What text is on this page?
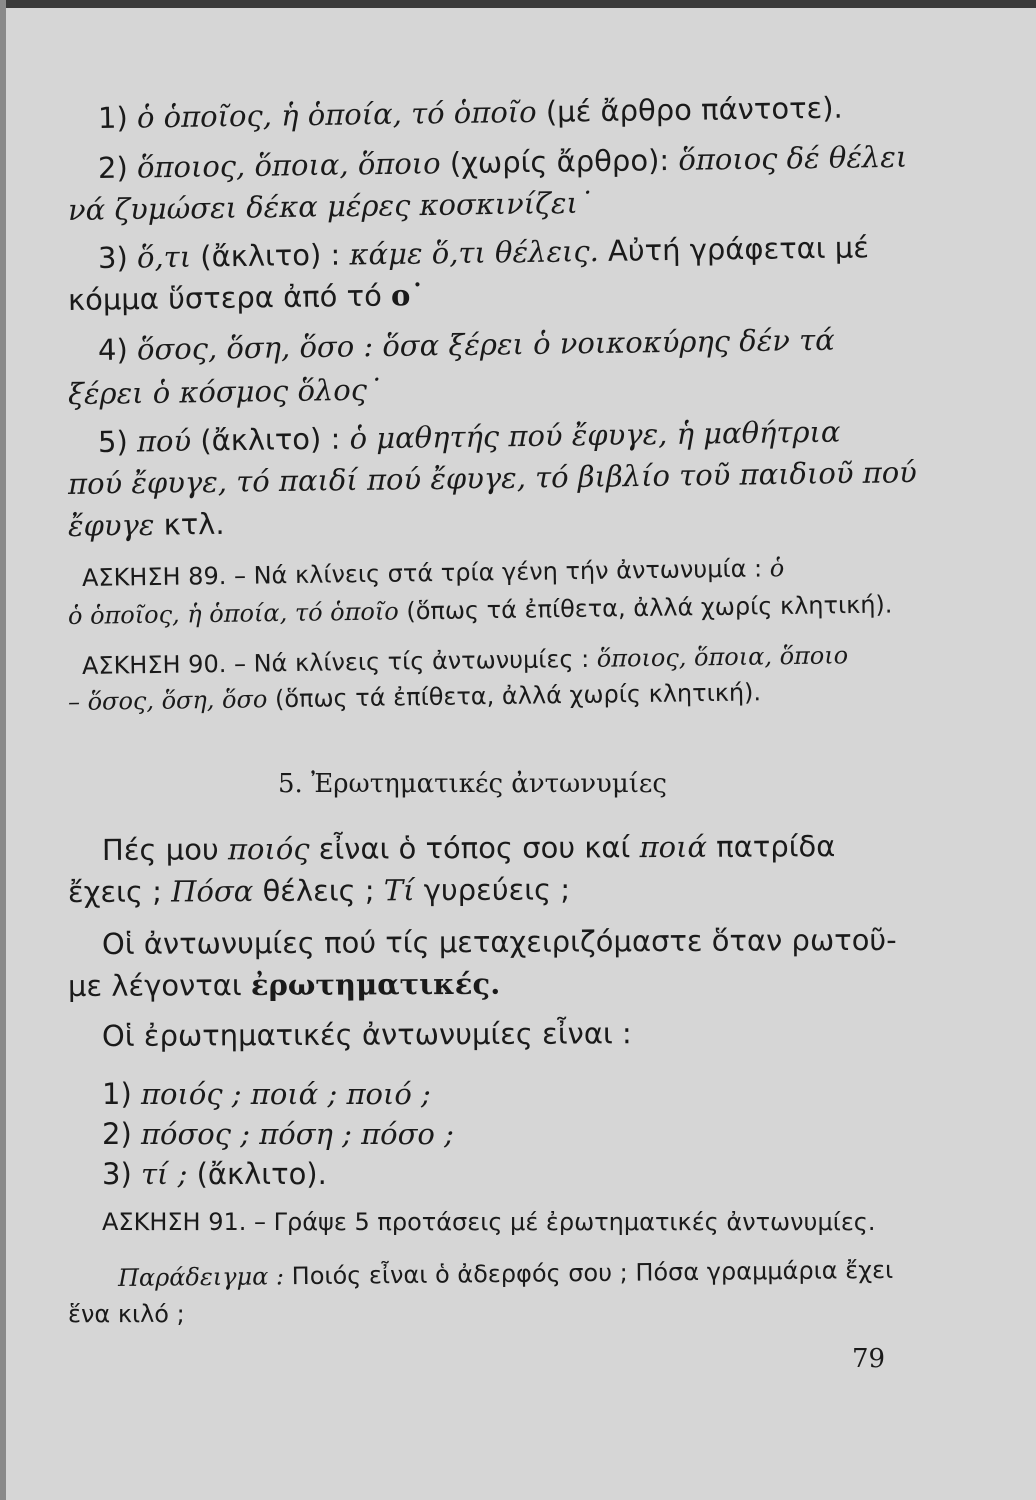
1) ὁ ὁποῖος, ἡ ὁποία, τό ὁποῖο (μέ ἄρθρο πάντοτε).
2) ὅποιος, ὅποια, ὅποιο (χωρίς ἄρθρο): ὅποιος δέ θέλει
νά ζυμώσει δέκα μέρες κοσκινίζει˙
3) ὅ,τι (ἄκλιτο) : κάμε ὅ,τι θέλεις. Αὐτή γράφεται μέ
κόμμα ὕστερα ἀπό τό ο˙
4) ὅσος, ὅση, ὅσο : ὅσα ξέρει ὁ νοικοκύρης δέν τά
ξέρει ὁ κόσμος ὅλος˙
5) πού (ἄκλιτο) : ὁ μαθητής πού ἔφυγε, ἡ μαθήτρια
πού ἔφυγε, τό παιδί πού ἔφυγε, τό βιβλίο τοῦ παιδιοῦ πού
ἔφυγε κτλ.
ΑΣΚΗΣΗ 89. – Νά κλίνεις στά τρία γένη τήν ἀντωνυμία : ὁ
ὁ ὁποῖος, ἡ ὁποία, τό ὁποῖο (ὅπως τά ἐπίθετα, ἀλλά χωρίς κλητική).
ΑΣΚΗΣΗ 90. – Νά κλίνεις τίς ἀντωνυμίες : ὅποιος, ὅποια, ὅποιο
– ὅσος, ὅση, ὅσο (ὅπως τά ἐπίθετα, ἀλλά χωρίς κλητική).
5. Ἐρωτηματικές ἀντωνυμίες
Πές μου ποιός εἶναι ὁ τόπος σου καί ποιά πατρίδα
ἔχεις ; Πόσα θέλεις ; Τί γυρεύεις ;
Οἱ ἀντωνυμίες πού τίς μεταχειριζόμαστε ὅταν ρωτοῦ-
με λέγονται ἐρωτηματικές.
Οἱ ἐρωτηματικές ἀντωνυμίες εἶναι :
1) ποιός ; ποιά ; ποιό ;
2) πόσος ; πόση ; πόσο ;
3) τί ; (ἄκλιτο).
ΑΣΚΗΣΗ 91. – Γράψε 5 προτάσεις μέ ἐρωτηματικές ἀντωνυμίες.
Παράδειγμα : Ποιός εἶναι ὁ ἀδερφός σου ; Πόσα γραμμάρια ἔχει
ἕνα κιλό ;
79
